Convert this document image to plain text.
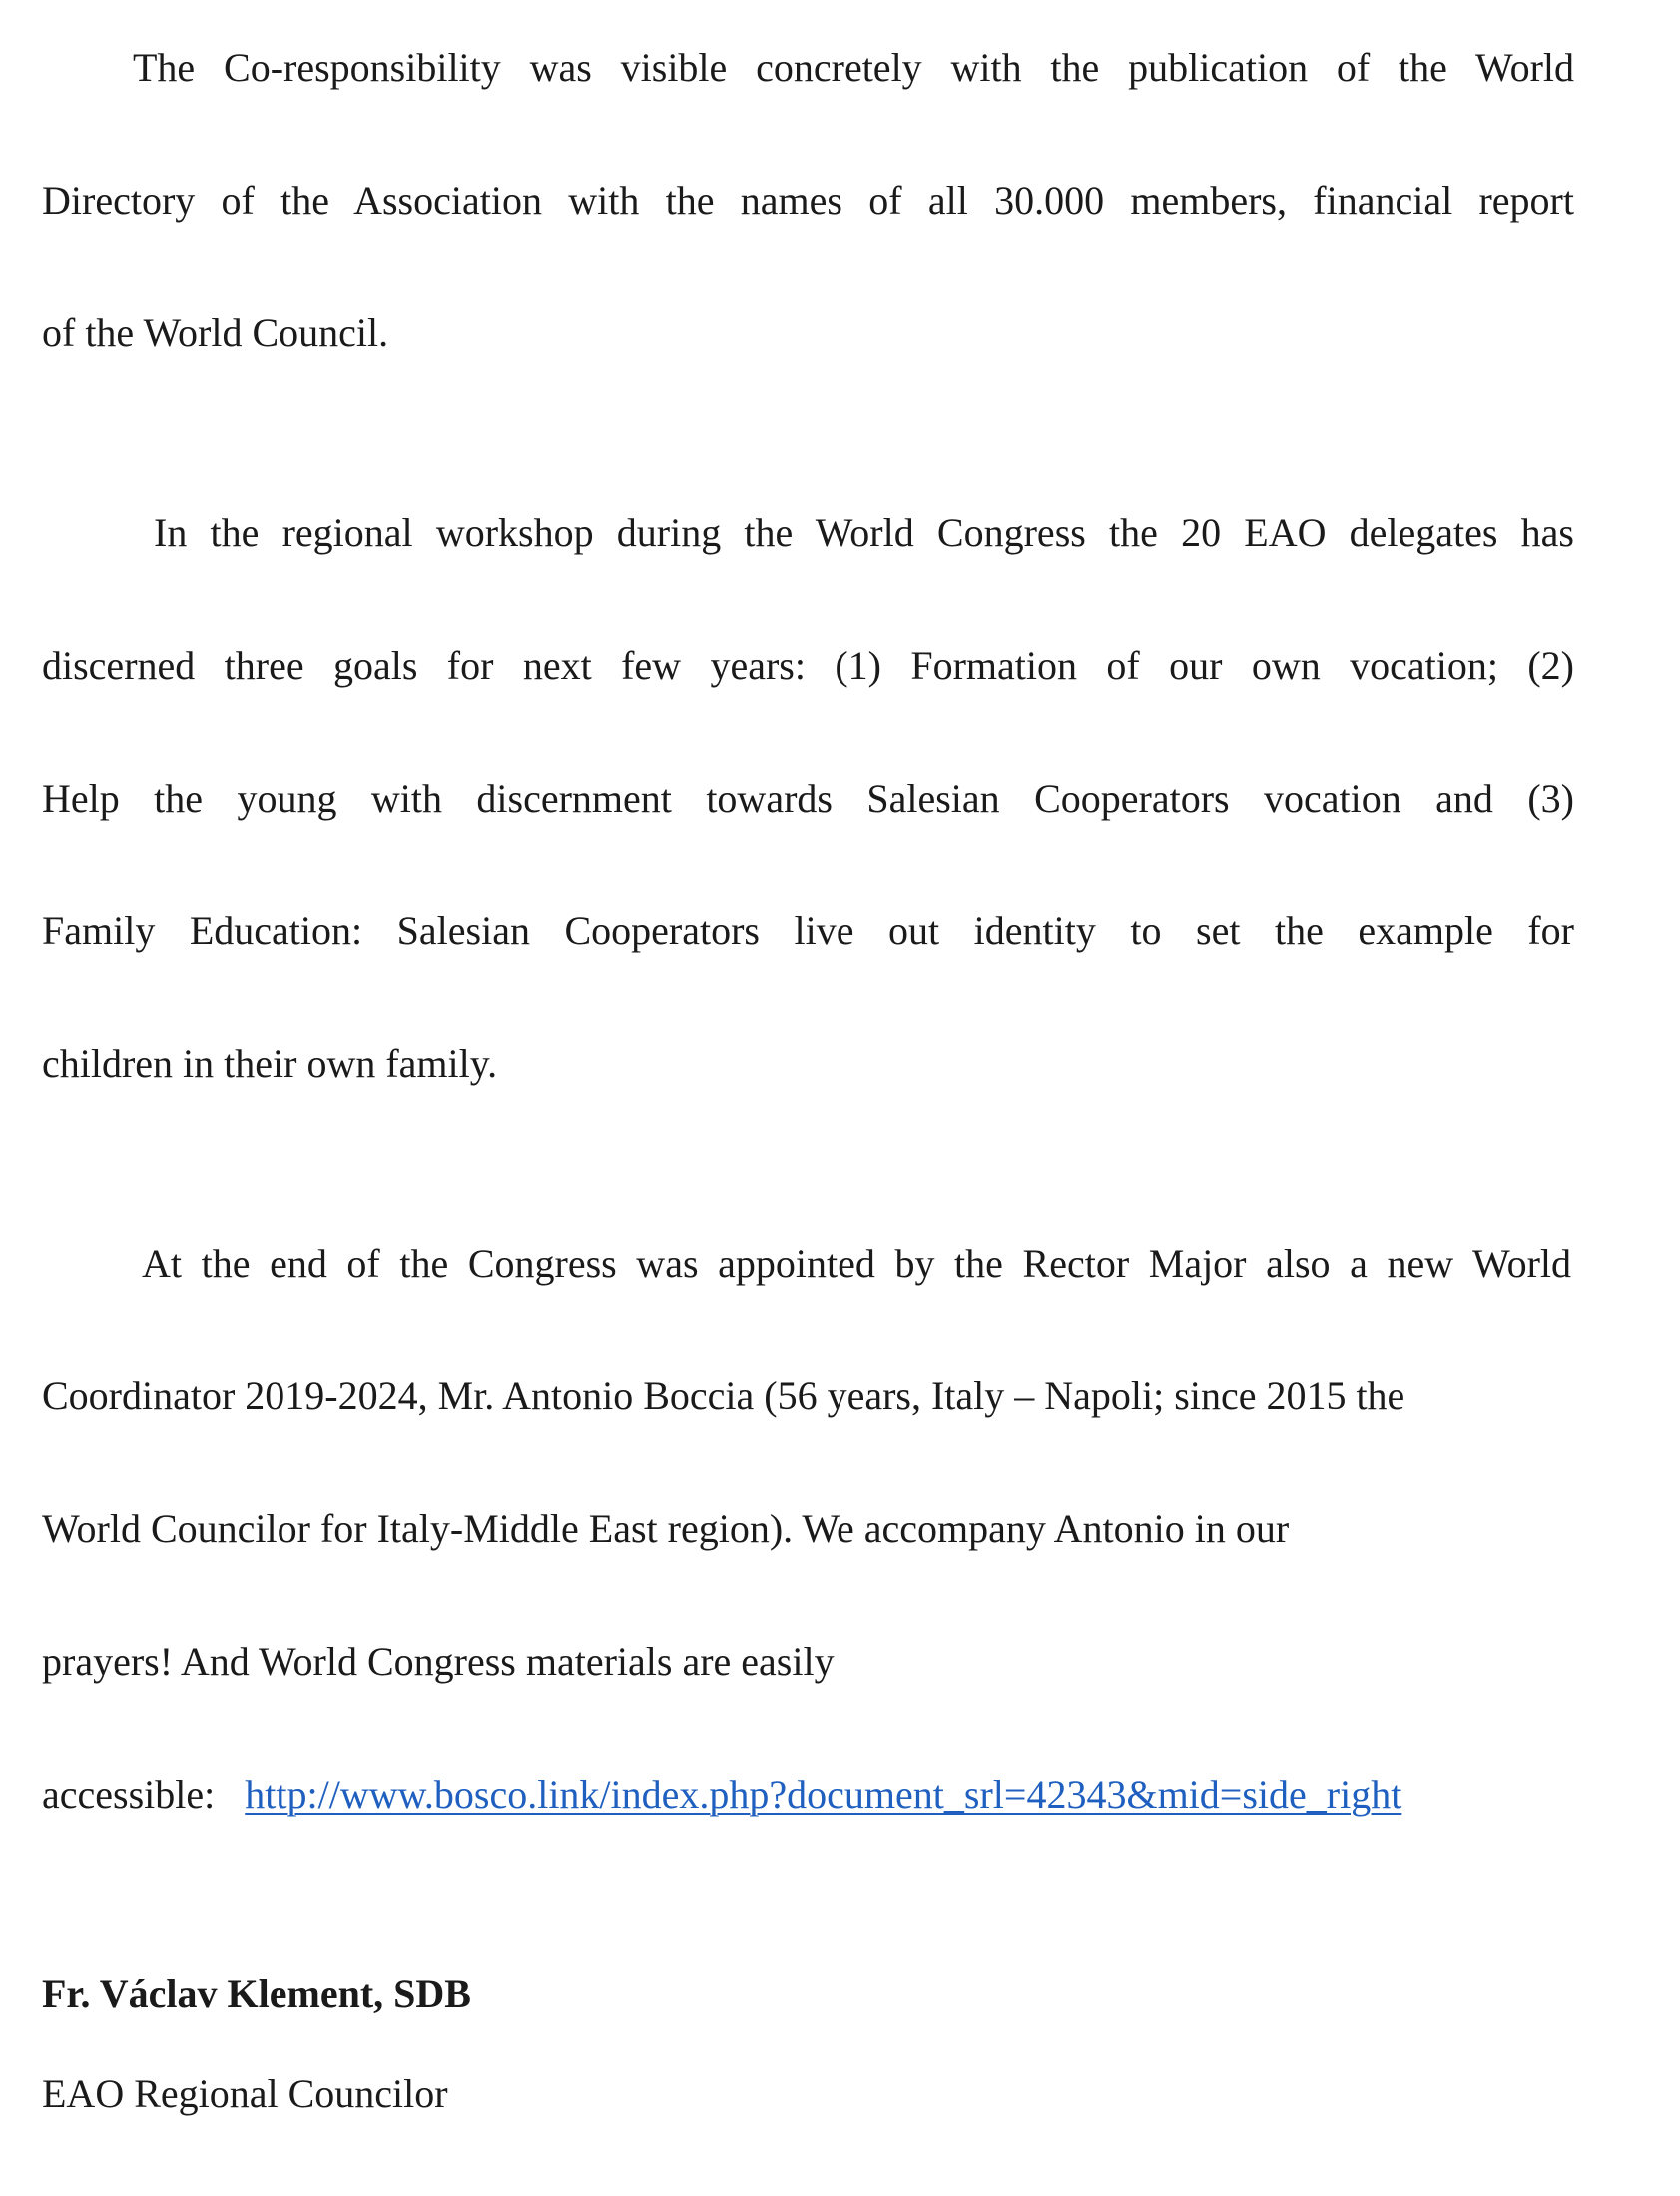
The Co-responsibility was visible concretely with the publication of the World
Directory of the Association with the names of all 30.000 members, financial report
of the World Council.
In the regional workshop during the World Congress the 20 EAO delegates has
discerned three goals for next few years: (1) Formation of our own vocation; (2)
Help the young with discernment towards Salesian Cooperators vocation and (3)
Family Education: Salesian Cooperators live out identity to set the example for
children in their own family.
At the end of the Congress was appointed by the Rector Major also a new World
Coordinator 2019-2024, Mr. Antonio Boccia (56 years, Italy – Napoli; since 2015 the
World Councilor for Italy-Middle East region). We accompany Antonio in our
prayers! And World Congress materials are easily
accessible: http://www.bosco.link/index.php?document_srl=42343&mid=side_right
Fr. Václav Klement, SDB
EAO Regional Councilor
